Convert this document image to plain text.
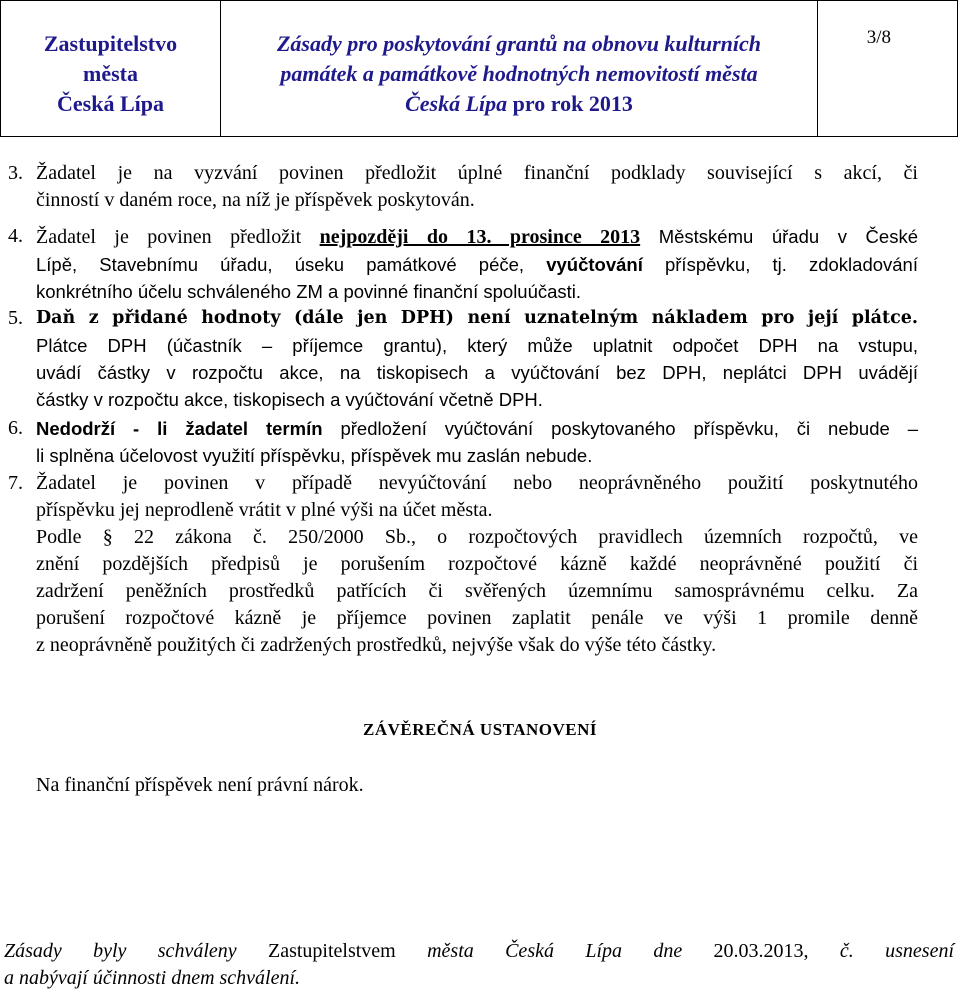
Zastupitelstvo
města
Česká Lípa
Zásady pro poskytování grantů na obnovu kulturních
památek a památkově hodnotných nemovitostí města
Česká Lípa pro rok 2013
3/8
3. Žadatel je na vyzvání povinen předložit úplné finanční podklady související s akcí, či
činností v daném roce, na níž je příspěvek poskytován.
4. Žadatel je povinen předložit nejpozději do 13. prosince 2013 Městskému úřadu v České
Lípě, Stavebnímu úřadu, úseku památkové péče, vyúčtování příspěvku, tj. zdokladování
konkrétního účelu schváleného ZM a povinné finanční spoluúčasti.
5. Daň z přidané hodnoty (dále jen DPH) není uznatelným nákladem pro její plátce.
Plátce DPH (účastník – příjemce grantu), který může uplatnit odpočet DPH na vstupu,
uvádí částky v rozpočtu akce, na tiskopisech a vyúčtování bez DPH, neplátci DPH uvádějí
částky v rozpočtu akce, tiskopisech a vyúčtování včetně DPH.
6. Nedodrží - li žadatel termín předložení vyúčtování poskytovaného příspěvku, či nebude –
li splněna účelovost využití příspěvku, příspěvek mu zaslán nebude.
7. Žadatel je povinen v případě nevyúčtování nebo neoprávněného použití poskytnutého
příspěvku jej neprodleně vrátit v plné výši na účet města.
Podle § 22 zákona č. 250/2000 Sb., o rozpočtových pravidlech územních rozpočtů, ve
znění pozdějších předpisů je porušením rozpočtové kázně každé neoprávněné použití či
zadržení peněžních prostředků patřících či svěřených územnímu samosprávnému celku. Za
porušení rozpočtové kázně je příjemce povinen zaplatit penále ve výši 1 promile denně
z neoprávněně použitých či zadržených prostředků, nejvýše však do výše této částky.
ZÁVĚREČNÁ USTANOVENÍ
Na finanční příspěvek není právní nárok.
Zásady byly schváleny Zastupitelstvem města Česká Lípa dne 20.03.2013, č. usnesení
a nabývají účinnosti dnem schválení.
